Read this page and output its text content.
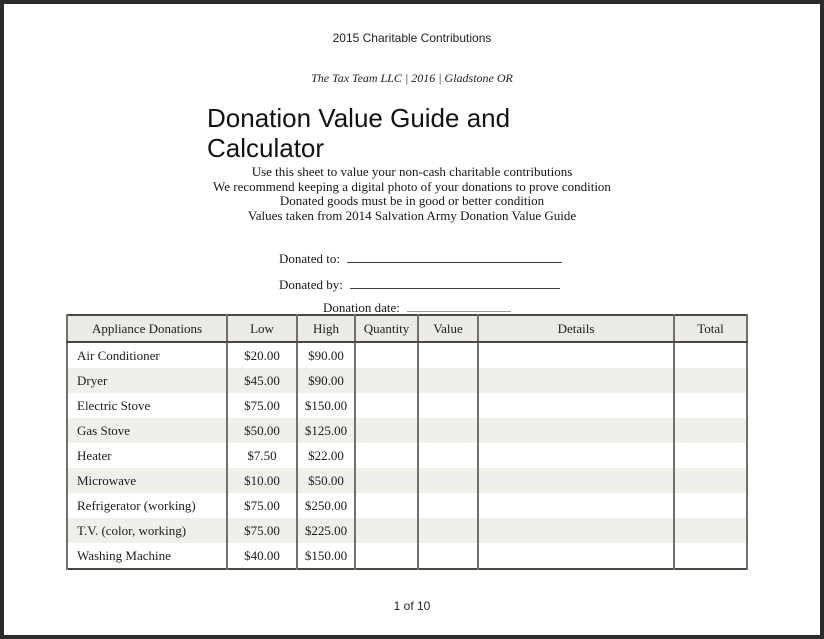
2015 Charitable Contributions
The Tax Team LLC | 2016 | Gladstone OR
Donation Value Guide and Calculator
Use this sheet to value your non-cash charitable contributions
We recommend keeping a digital photo of your donations to prove condition
Donated goods must be in good or better condition
Values taken from 2014 Salvation Army Donation Value Guide
Donated to:
Donated by:
Donation date:
Appliance Donations	Low	High	Quantity	Value	Details	Total
Air Conditioner	$20.00	$90.00				
Dryer	$45.00	$90.00				
Electric Stove	$75.00	$150.00				
Gas Stove	$50.00	$125.00				
Heater	$7.50	$22.00				
Microwave	$10.00	$50.00				
Refrigerator (working)	$75.00	$250.00				
T.V. (color, working)	$75.00	$225.00				
Washing Machine	$40.00	$150.00				
1 of 10
